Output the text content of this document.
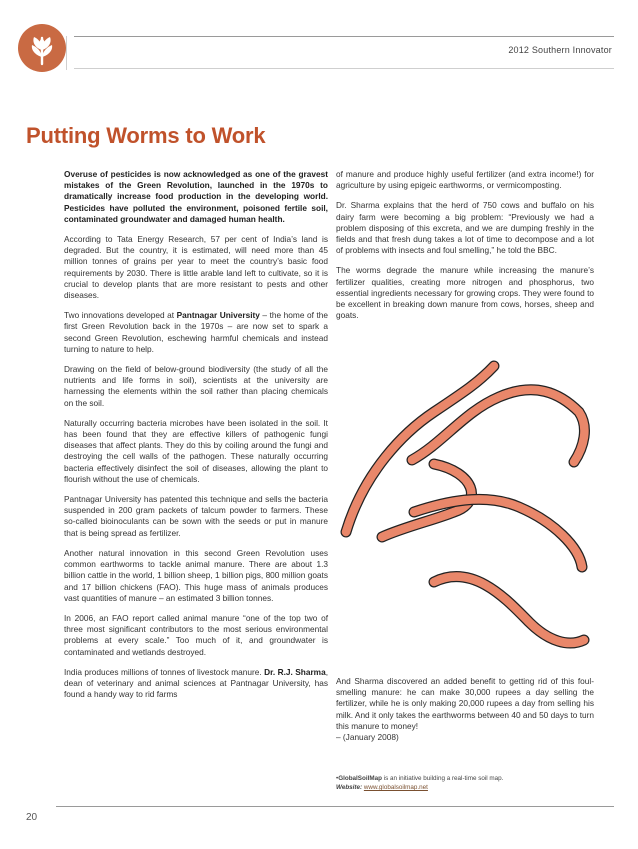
2012 Southern Innovator
Putting Worms to Work

Overuse of pesticides is now acknowledged as one of the gravest mistakes of the Green Revolution, launched in the 1970s to dramatically increase food production in the developing world. Pesticides have polluted the environment, poisoned fertile soil, contaminated groundwater and damaged human health.

According to Tata Energy Research, 57 per cent of India’s land is degraded. But the country, it is estimated, will need more than 45 million tonnes of grains per year to meet the country’s basic food requirements by 2030. There is little arable land left to cultivate, so it is crucial to develop plants that are more resistant to pests and other diseases.

Two innovations developed at Pantnagar University – the home of the first Green Revolution back in the 1970s – are now set to spark a second Green Revolution, eschewing harmful chemicals and instead turning to nature to help.

Drawing on the field of below-ground biodiversity (the study of all the nutrients and life forms in soil), scientists at the university are harnessing the elements within the soil rather than placing chemicals on the soil.

Naturally occurring bacteria microbes have been isolated in the soil. It has been found that they are effective killers of pathogenic fungi diseases that affect plants. They do this by coiling around the fungi and destroying the cell walls of the pathogen. These naturally occurring bacteria effectively disinfect the soil of diseases, allowing the plant to flourish without the use of chemicals.

Pantnagar University has patented this technique and sells the bacteria suspended in 200 gram packets of talcum powder to farmers. These so-called bioinoculants can be sown with the seeds or put in manure that is being spread as fertilizer.

Another natural innovation in this second Green Revolution uses common earthworms to tackle animal manure. There are about 1.3 billion cattle in the world, 1 billion sheep, 1 billion pigs, 800 million goats and 17 billion chickens (FAO). This huge mass of animals produces vast quantities of manure – an estimated 3 billion tonnes.

In 2006, an FAO report called animal manure “one of the top two of three most significant contributors to the most serious environmental problems at every scale.” Too much of it, and groundwater is contaminated and wetlands destroyed.

India produces millions of tonnes of livestock manure. Dr. R.J. Sharma, dean of veterinary and animal sciences at Pantnagar University, has found a handy way to rid farms

of manure and produce highly useful fertilizer (and extra income!) for agriculture by using epigeic earthworms, or vermicomposting.

Dr. Sharma explains that the herd of 750 cows and buffalo on his dairy farm were becoming a big problem: “Previously we had a problem disposing of this excreta, and we are dumping freshly in the fields and that fresh dung takes a lot of time to decompose and a lot of problems with insects and foul smelling,” he told the BBC.

The worms degrade the manure while increasing the manure’s fertilizer qualities, creating more nitrogen and phosphorus, two essential ingredients necessary for growing crops. They were found to be excellent in breaking down manure from cows, horses, sheep and goats.

And Sharma discovered an added benefit to getting rid of this foul-smelling manure: he can make 30,000 rupees a day selling the fertilizer, while he is only making 20,000 rupees a day from selling his milk. And it only takes the earthworms between 40 and 50 days to turn this manure to money!

– (January 2008)

•GlobalSoilMap is an initiative building a real-time soil map.
Website: www.globalsoilmap.net
20
